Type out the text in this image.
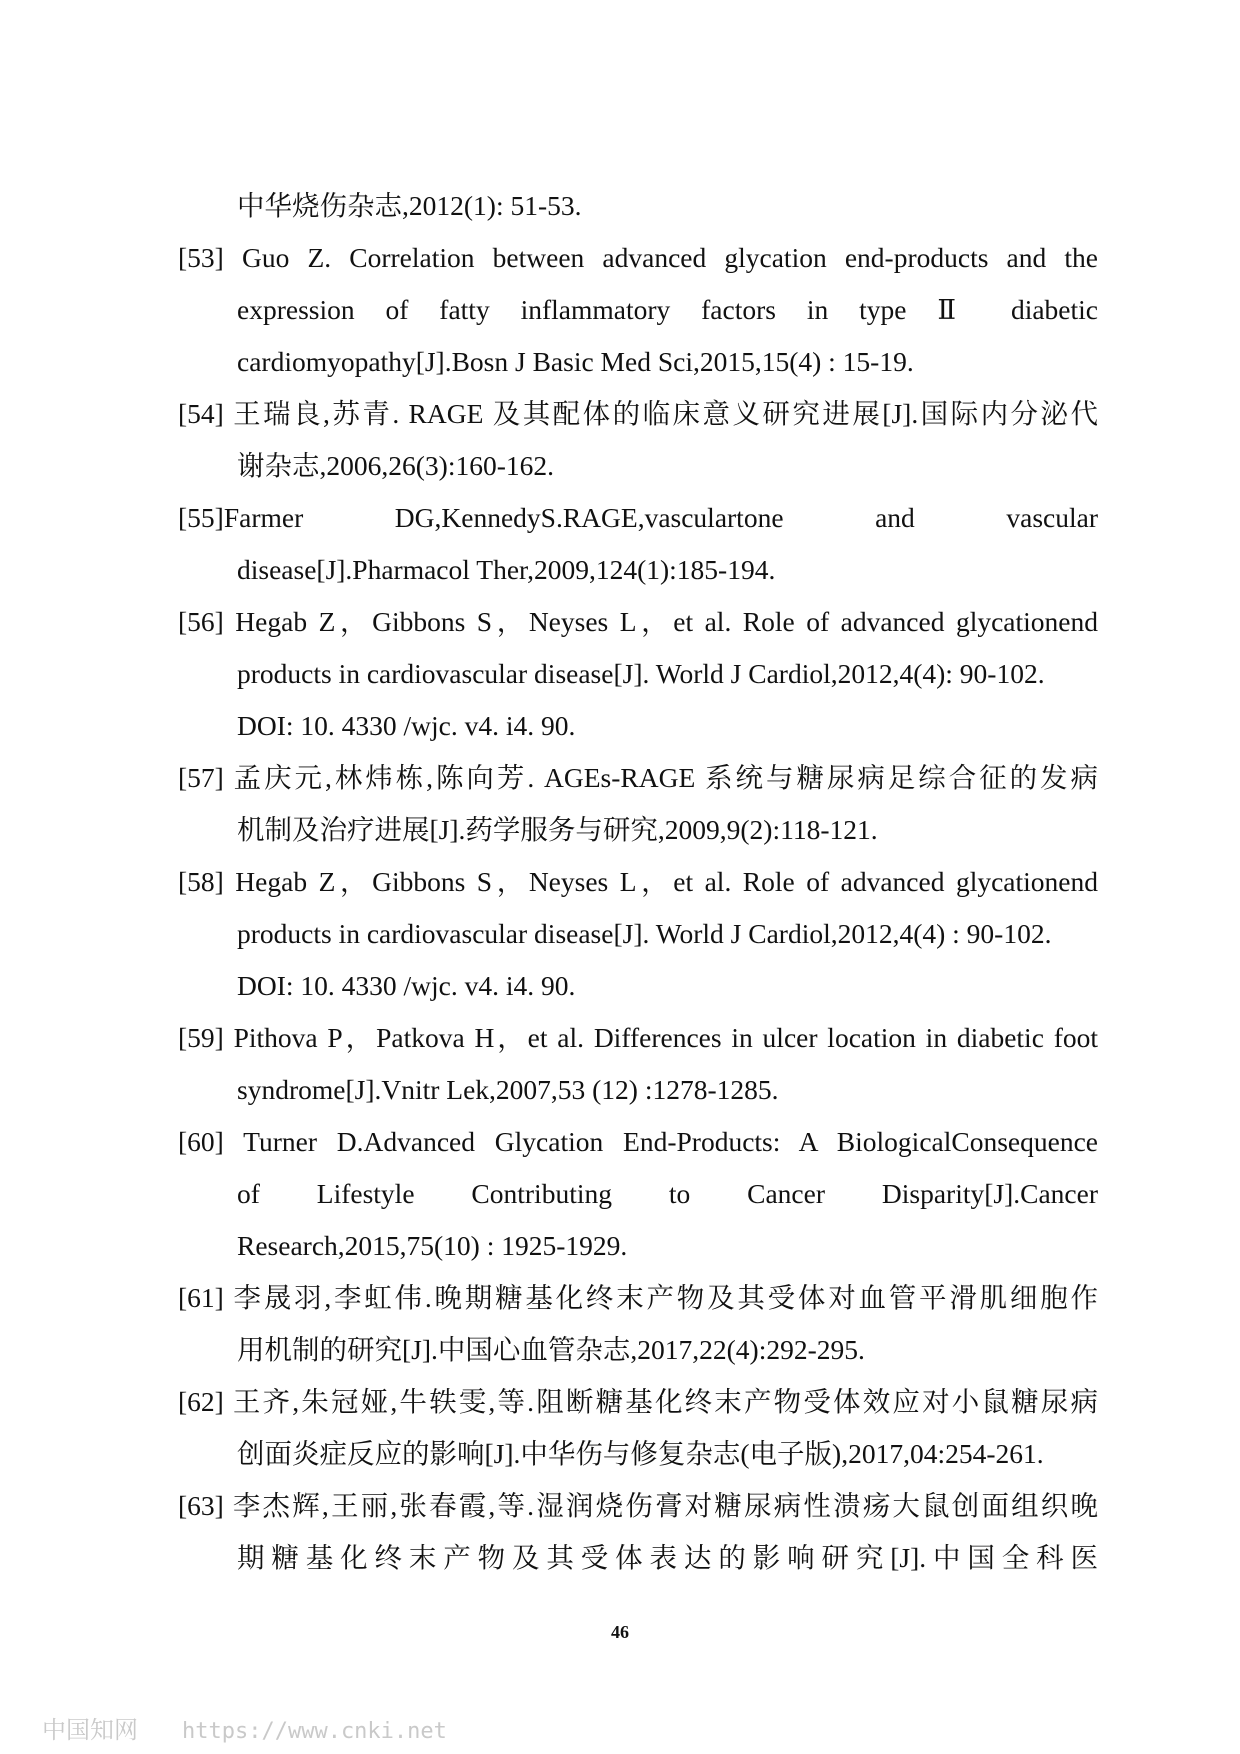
中华烧伤杂志,2012(1): 51-53.
[53] Guo Z. Correlation between advanced glycation end-products and the
expression of fatty inflammatory factors in type Ⅱ diabetic
cardiomyopathy[J].Bosn J Basic Med Sci,2015,15(4) : 15-19.
[54] 王瑞良,苏青. RAGE 及其配体的临床意义研究进展[J].国际内分泌代
谢杂志,2006,26(3):160-162.
[55]Farmer DG,KennedyS.RAGE,vasculartone and vascular
disease[J].Pharmacol Ther,2009,124(1):185-194.
[56] Hegab Z，Gibbons S，Neyses L，et al. Role of advanced glycationend
products in cardiovascular disease[J]. World J Cardiol,2012,4(4): 90-102.
DOI: 10. 4330 /wjc. v4. i4. 90.
[57] 孟庆元,林炜栋,陈向芳. AGEs-RAGE 系统与糖尿病足综合征的发病
机制及治疗进展[J].药学服务与研究,2009,9(2):118-121.
[58] Hegab Z，Gibbons S，Neyses L，et al. Role of advanced glycationend
products in cardiovascular disease[J]. World J Cardiol,2012,4(4) : 90-102.
DOI: 10. 4330 /wjc. v4. i4. 90.
[59] Pithova P，Patkova H，et al. Differences in ulcer location in diabetic foot
syndrome[J].Vnitr Lek,2007,53 (12) :1278-1285.
[60] Turner D.Advanced Glycation End-Products: A BiologicalConsequence
of Lifestyle Contributing to Cancer Disparity[J].Cancer
Research,2015,75(10) : 1925-1929.
[61] 李晟羽,李虹伟.晚期糖基化终末产物及其受体对血管平滑肌细胞作
用机制的研究[J].中国心血管杂志,2017,22(4):292-295.
[62] 王齐,朱冠娅,牛轶雯,等.阻断糖基化终末产物受体效应对小鼠糖尿病
创面炎症反应的影响[J].中华伤与修复杂志(电子版),2017,04:254-261.
[63] 李杰辉,王丽,张春霞,等.湿润烧伤膏对糖尿病性溃疡大鼠创面组织晚
期 糖 基 化 终 末 产 物 及 其 受 体 表 达 的 影 响 研 究 [J]. 中 国 全 科 医
46
中国知网 https://www.cnki.net
